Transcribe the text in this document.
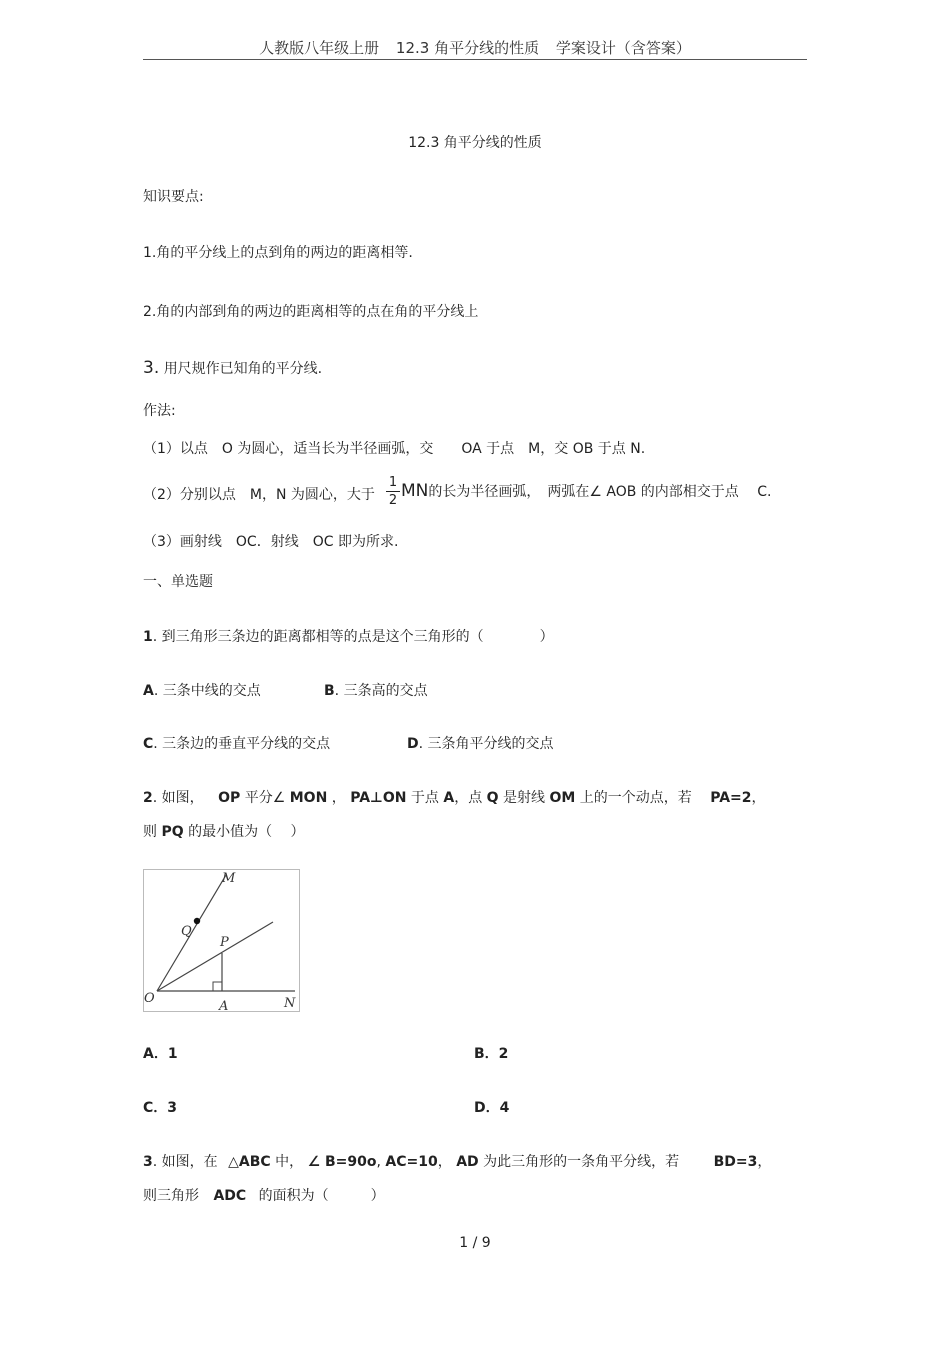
人教版八年级上册 12.3 角平分线的性质 学案设计（含答案）
12.3 角平分线的性质
知识要点:
1.角的平分线上的点到角的两边的距离相等.
2.角的内部到角的两边的距离相等的点在角的平分线上
3. 用尺规作已知角的平分线.
作法:
（1）以点　O 为圆心，适当长为半径画弧，交　　OA 于点　M，交 OB 于点 N.
（2）分别以点　M，N 为圆心，大于
1
2 MN的长为半径画弧，　两弧在∠ AOB 的内部相交于点　 C.
（3）画射线　OC．射线　OC 即为所求.
一、单选题
1. 到三角形三条边的距离都相等的点是这个三角形的（　　　　）
A. 三条中线的交点	B. 三条高的交点
C. 三条边的垂直平分线的交点	D. 三条角平分线的交点
2. 如图， OP 平分∠ MON ， PA⊥ON 于点 A，点 Q 是射线 OM 上的一个动点，若 PA=2，
则 PQ 的最小值为（　 ）
M
Q
P
O
A	N
A．1	B．2
C．3	D．4
3. 如图，在 △ABC 中， ∠ B=90o, AC=10， AD 为此三角形的一条角平分线，若 BD=3，
则三角形 ADC 的面积为（　　　）
1 / 9
